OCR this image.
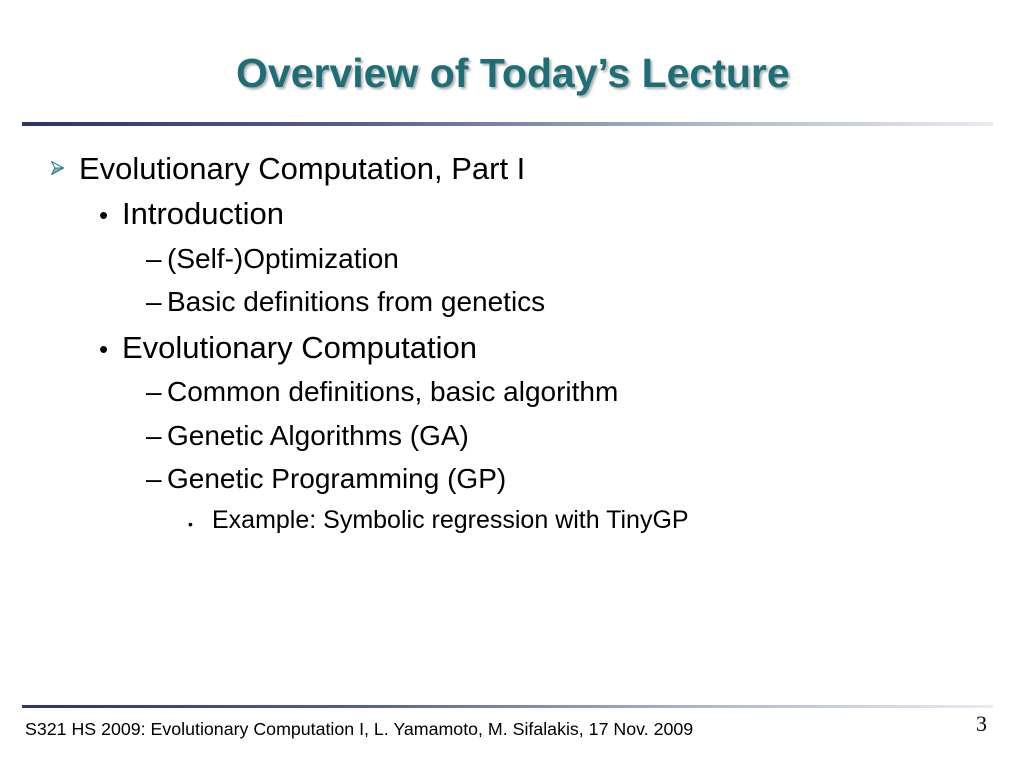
Overview of Today’s Lecture
Evolutionary Computation, Part I
• Introduction
– (Self-)Optimization
– Basic definitions from genetics
• Evolutionary Computation
– Common definitions, basic algorithm
– Genetic Algorithms (GA)
– Genetic Programming (GP)
• Example: Symbolic regression with TinyGP
S321 HS 2009: Evolutionary Computation I, L. Yamamoto, M. Sifalakis, 17 Nov. 2009	3
